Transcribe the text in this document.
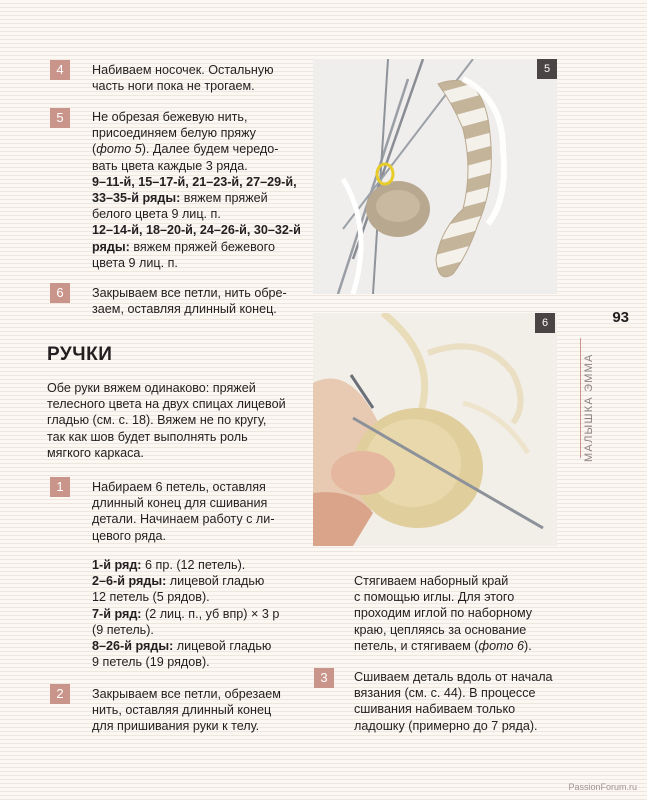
4	Набиваем носочек. Остальную
часть ноги пока не трогаем.
5	Не обрезая бежевую нить,
присоединяем белую пряжу
(фото 5). Далее будем чередо-
вать цвета каждые 3 ряда.
9–11-й, 15–17-й, 21–23-й, 27–29-й,
33–35-й ряды: вяжем пряжей
белого цвета 9 лиц. п.
12–14-й, 18–20-й, 24–26-й, 30–32-й
ряды: вяжем пряжей бежевого
цвета 9 лиц. п.
6	Закрываем все петли, нить обре-
заем, оставляя длинный конец.
РУЧКИ
Обе руки вяжем одинаково: пряжей
телесного цвета на двух спицах лицевой
гладью (см. с. 18). Вяжем не по кругу,
так как шов будет выполнять роль
мягкого каркаса.
1	Набираем 6 петель, оставляя
длинный конец для сшивания
детали. Начинаем работу с ли-
цевого ряда.
1-й ряд: 6 пр. (12 петель).
2–6-й ряды: лицевой гладью
12 петель (5 рядов).
7-й ряд: (2 лиц. п., уб впр) × 3 р
(9 петель).
8–26-й ряды: лицевой гладью
9 петель (19 рядов).
2	Закрываем все петли, обрезаем
нить, оставляя длинный конец
для пришивания руки к телу.
Стягиваем наборный край
с помощью иглы. Для этого
проходим иглой по наборному
краю, цепляясь за основание
петель, и стягиваем (фото 6).
3	Сшиваем деталь вдоль от начала
вязания (см. с. 44). В процессе
сшивания набиваем только
ладошку (примерно до 7 ряда).
5
6	93
МАЛЫШКА ЭММА
PassionForum.ru
